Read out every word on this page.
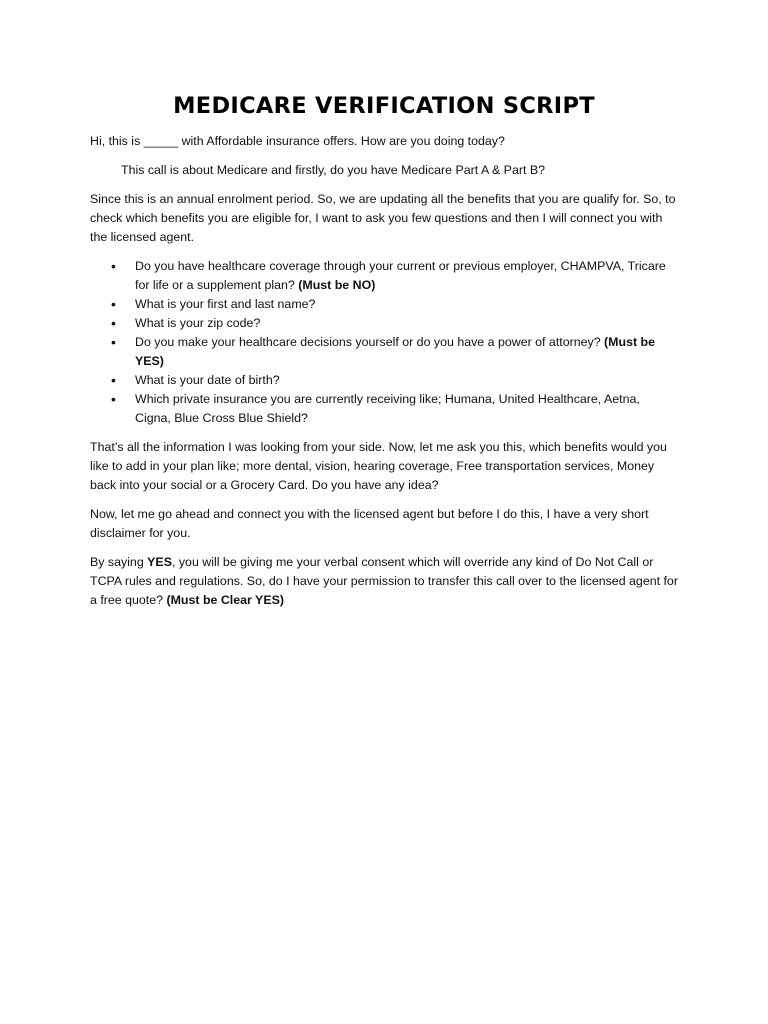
MEDICARE VERIFICATION SCRIPT

Hi, this is _____ with Affordable insurance offers. How are you doing today?

This call is about Medicare and firstly, do you have Medicare Part A & Part B?

Since this is an annual enrolment period. So, we are updating all the benefits that you are qualify for. So, to check which benefits you are eligible for, I want to ask you few questions and then I will connect you with the licensed agent.

• Do you have healthcare coverage through your current or previous employer, CHAMPVA, Tricare for life or a supplement plan? (Must be NO)
• What is your first and last name?
• What is your zip code?
• Do you make your healthcare decisions yourself or do you have a power of attorney? (Must be YES)
• What is your date of birth?
• Which private insurance you are currently receiving like; Humana, United Healthcare, Aetna, Cigna, Blue Cross Blue Shield?

That’s all the information I was looking from your side. Now, let me ask you this, which benefits would you like to add in your plan like; more dental, vision, hearing coverage, Free transportation services, Money back into your social or a Grocery Card. Do you have any idea?

Now, let me go ahead and connect you with the licensed agent but before I do this, I have a very short disclaimer for you.

By saying YES, you will be giving me your verbal consent which will override any kind of Do Not Call or TCPA rules and regulations. So, do I have your permission to transfer this call over to the licensed agent for a free quote? (Must be Clear YES)
